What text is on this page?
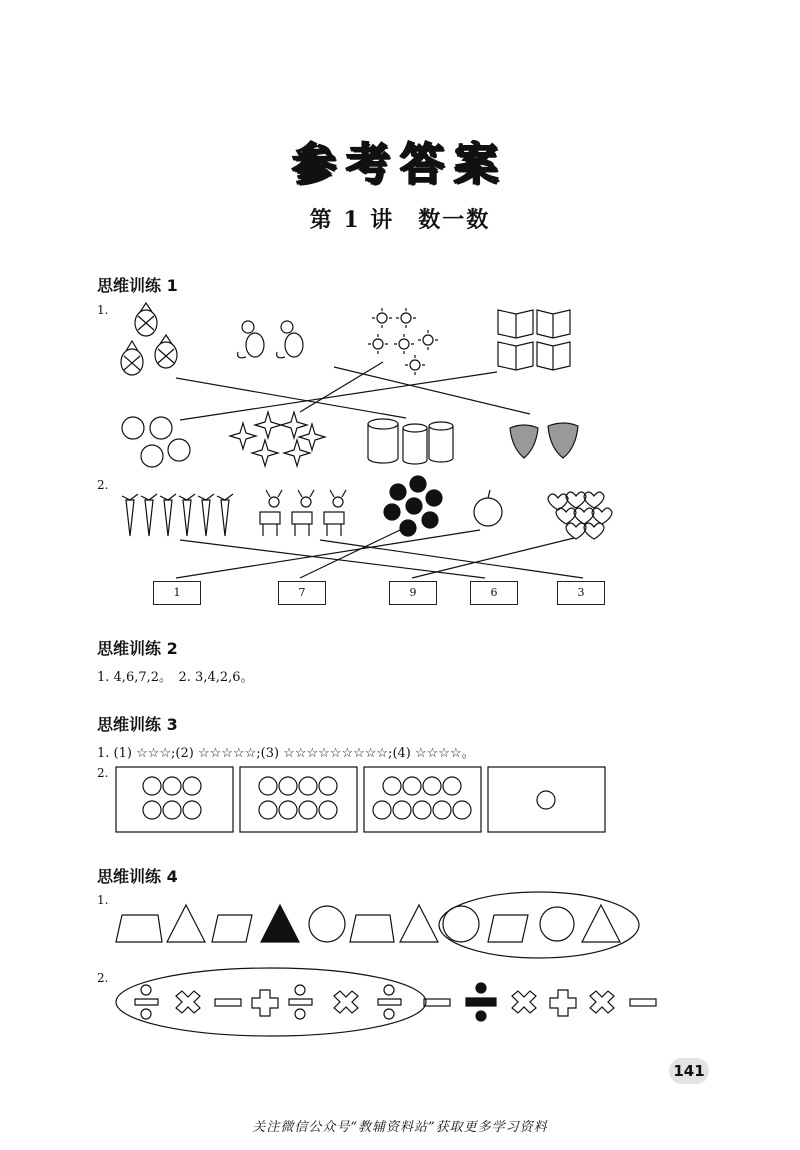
参考答案
第 1 讲　数一数
思维训练 1
1.
2.
1	7	9	6	3
思维训练 2
1. 4,6,7,2。　2. 3,4,2,6。
思维训练 3
1. (1) ☆☆☆;(2) ☆☆☆☆☆;(3) ☆☆☆☆☆☆☆☆☆;(4) ☆☆☆☆。
2.
思维训练 4
1.
2.
141
关注微信公众号“教辅资料站”获取更多学习资料
